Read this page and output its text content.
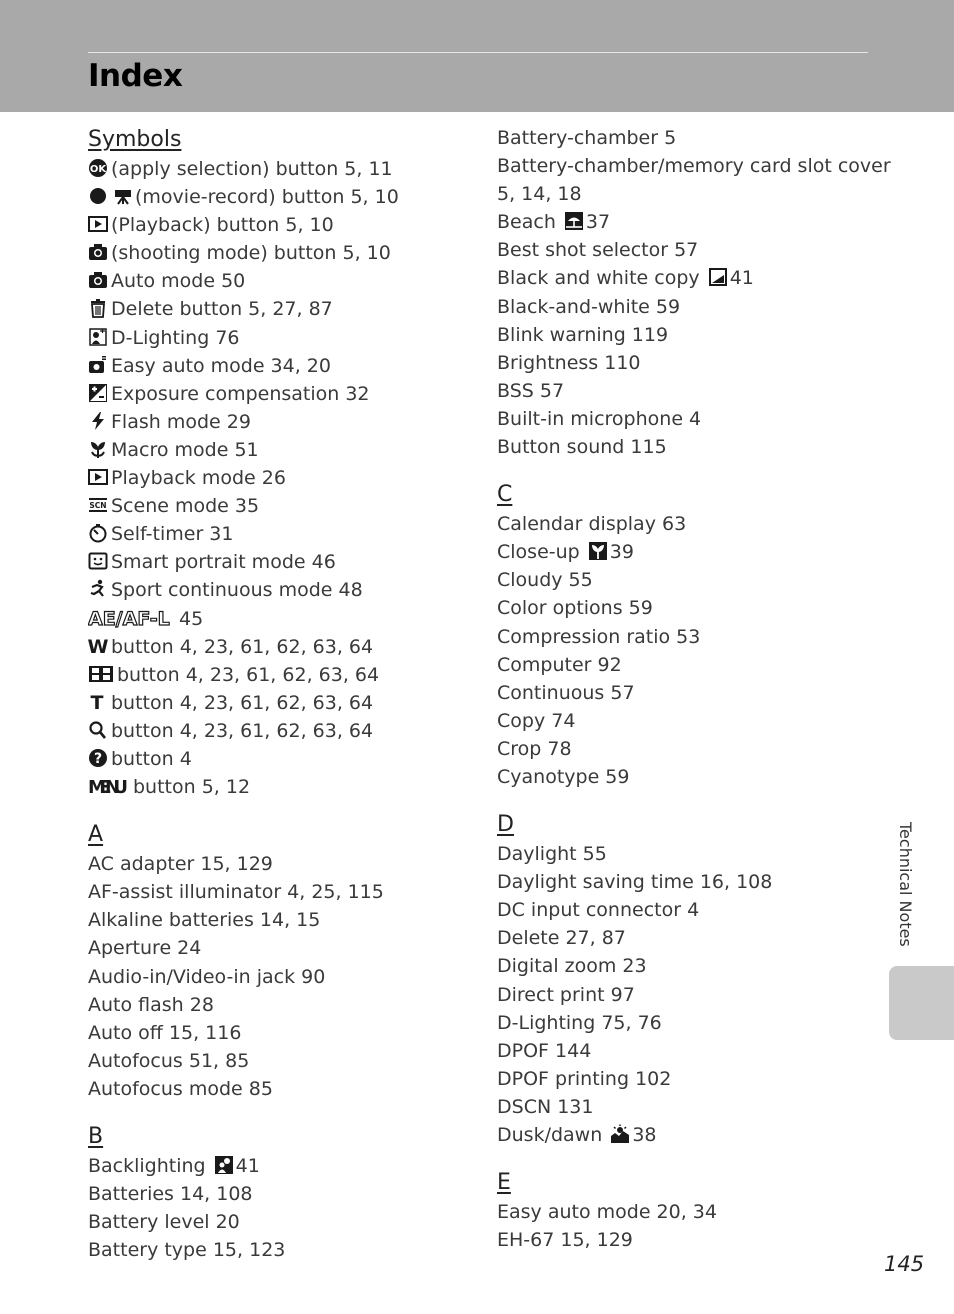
Index
Symbols
OK (apply selection) button 5, 11
(movie-record) button 5, 10
(Playback) button 5, 10
(shooting mode) button 5, 10
Auto mode 50
Delete button 5, 27, 87
D-Lighting 76
Easy auto mode 34, 20
Exposure compensation 32
Flash mode 29
Macro mode 51
Playback mode 26
SCN Scene mode 35
Self-timer 31
Smart portrait mode 46
Sport continuous mode 48
AE/AF-L 45
W button 4, 23, 61, 62, 63, 64
button 4, 23, 61, 62, 63, 64
T button 4, 23, 61, 62, 63, 64
button 4, 23, 61, 62, 63, 64
? button 4
MENU button 5, 12
A
AC adapter 15, 129
AF-assist illuminator 4, 25, 115
Alkaline batteries 14, 15
Aperture 24
Audio-in/Video-in jack 90
Auto flash 28
Auto off 15, 116
Autofocus 51, 85
Autofocus mode 85
B
Backlighting 41
Batteries 14, 108
Battery level 20
Battery type 15, 123
Battery-chamber 5
Battery-chamber/memory card slot cover
5, 14, 18
Beach 37
Best shot selector 57
Black and white copy 41
Black-and-white 59
Blink warning 119
Brightness 110
BSS 57
Built-in microphone 4
Button sound 115
C
Calendar display 63
Close-up 39
Cloudy 55
Color options 59
Compression ratio 53
Computer 92
Continuous 57
Copy 74
Crop 78
Cyanotype 59
D
Daylight 55
Daylight saving time 16, 108
DC input connector 4
Delete 27, 87
Digital zoom 23
Direct print 97
D-Lighting 75, 76
DPOF 144
DPOF printing 102
DSCN 131
Dusk/dawn 38
E
Easy auto mode 20, 34
EH-67 15, 129
Technical Notes
145
